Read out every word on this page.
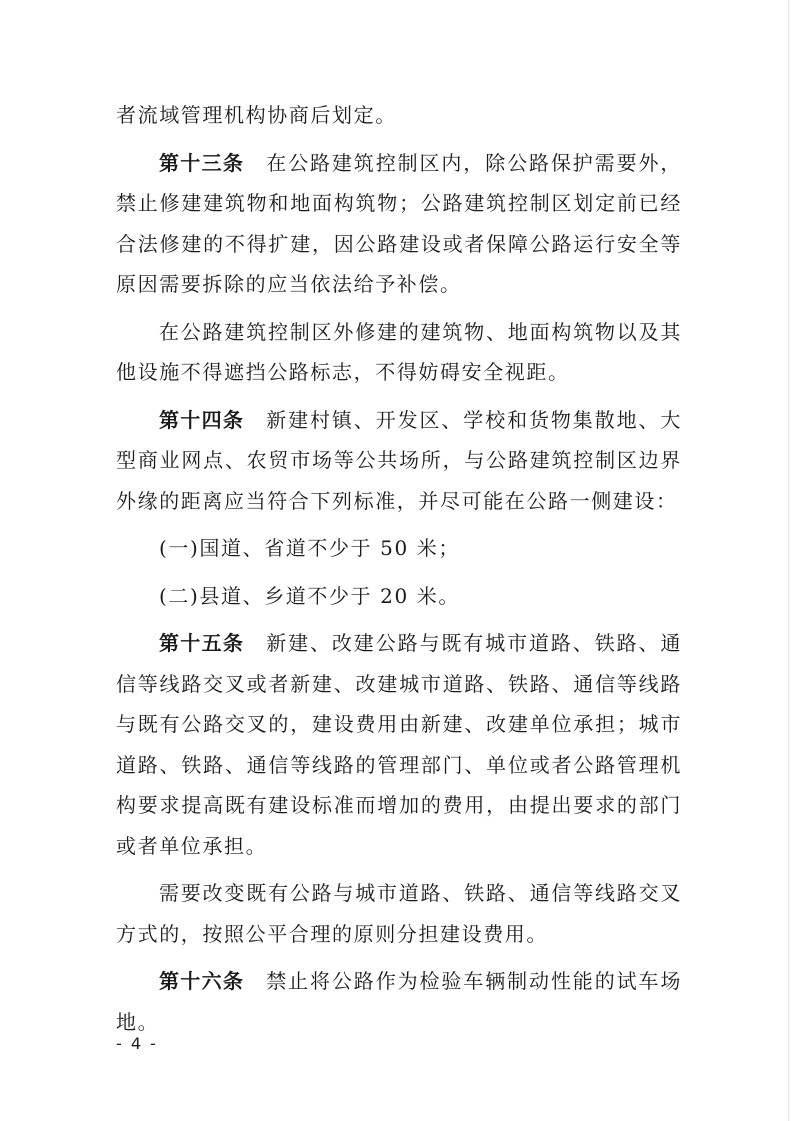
者流域管理机构协商后划定。

第十三条 在公路建筑控制区内，除公路保护需要外，禁止修建建筑物和地面构筑物；公路建筑控制区划定前已经合法修建的不得扩建，因公路建设或者保障公路运行安全等原因需要拆除的应当依法给予补偿。

在公路建筑控制区外修建的建筑物、地面构筑物以及其他设施不得遮挡公路标志，不得妨碍安全视距。

第十四条 新建村镇、开发区、学校和货物集散地、大型商业网点、农贸市场等公共场所，与公路建筑控制区边界外缘的距离应当符合下列标准，并尽可能在公路一侧建设：

(一)国道、省道不少于 50 米；

(二)县道、乡道不少于 20 米。

第十五条 新建、改建公路与既有城市道路、铁路、通信等线路交叉或者新建、改建城市道路、铁路、通信等线路与既有公路交叉的，建设费用由新建、改建单位承担；城市道路、铁路、通信等线路的管理部门、单位或者公路管理机构要求提高既有建设标准而增加的费用，由提出要求的部门或者单位承担。

需要改变既有公路与城市道路、铁路、通信等线路交叉方式的，按照公平合理的原则分担建设费用。

第十六条 禁止将公路作为检验车辆制动性能的试车场地。

- 4 -
